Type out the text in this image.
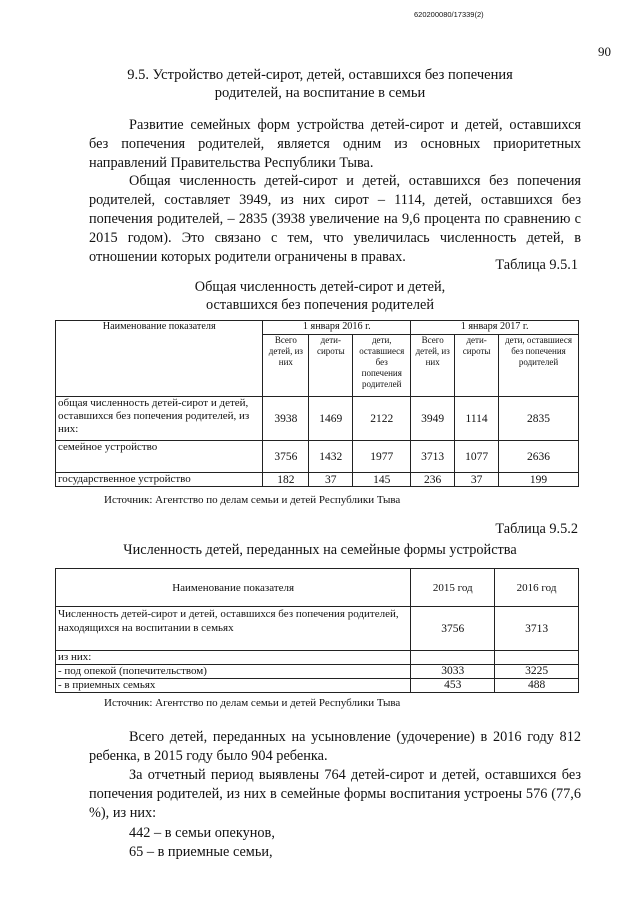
620200080/17339(2)
90
9.5. Устройство детей-сирот, детей, оставшихся без попечения
родителей, на воспитание в семьи
Развитие семейных форм устройства детей-сирот и детей, оставшихся без попечения родителей, является одним из основных приоритетных направлений Правительства Республики Тыва.
Общая численность детей-сирот и детей, оставшихся без попечения родителей, составляет 3949, из них сирот – 1114, детей, оставшихся без попечения родителей, – 2835 (3938 увеличение на 9,6 процента по сравнению с 2015 годом). Это связано с тем, что увеличилась численность детей, в отношении которых родители ограничены в правах.	Таблица 9.5.1
Общая численность детей-сирот и детей,
оставшихся без попечения родителей
Наименование показателя	1 января 2016 г.			1 января 2017 г.		
	Всего детей, из них	дети-сироты	дети, оставшиеся без попечения родителей	Всего детей, из них	дети-сироты	дети, оставшиеся без попечения родителей
общая численность детей-сирот и детей, оставшихся без попечения родителей, из них:	3938	1469	2122	3949	1114	2835
семейное устройство	3756	1432	1977	3713	1077	2636
государственное устройство	182	37	145	236	37	199
Источник: Агентство по делам семьи и детей Республики Тыва
Таблица 9.5.2
Численность детей, переданных на семейные формы устройства
Наименование показателя	2015 год	2016 год
Численность детей-сирот и детей, оставшихся без попечения родителей, находящихся на воспитании в семьях	3756	3713
из них:		
- под опекой (попечительством)	3033	3225
- в приемных семьях	453	488
Источник: Агентство по делам семьи и детей Республики Тыва
Всего детей, переданных на усыновление (удочерение) в 2016 году 812 ребенка, в 2015 году было 904 ребенка.
За отчетный период выявлены 764 детей-сирот и детей, оставшихся без попечения родителей, из них в семейные формы воспитания устроены 576 (77,6 %), из них:
442 – в семьи опекунов,
65 – в приемные семьи,
